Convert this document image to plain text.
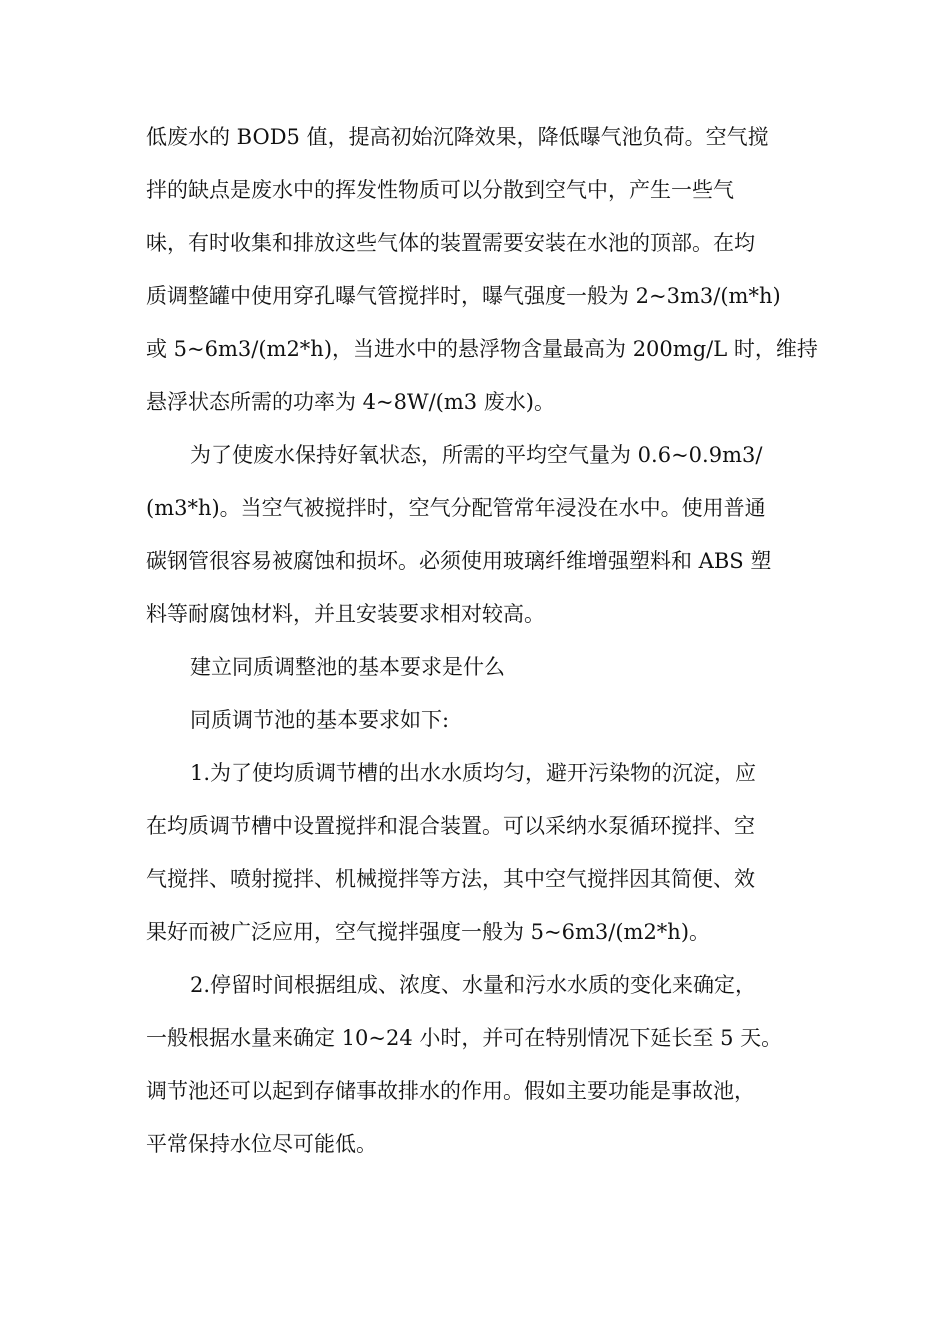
低废水的 BOD5 值，提高初始沉降效果，降低曝气池负荷。空气搅
拌的缺点是废水中的挥发性物质可以分散到空气中，产生一些气
味，有时收集和排放这些气体的装置需要安装在水池的顶部。在均
质调整罐中使用穿孔曝气管搅拌时，曝气强度一般为 2~3m3/(m*h)
或 5~6m3/(m2*h)，当进水中的悬浮物含量最高为 200mg/L 时，维持
悬浮状态所需的功率为 4~8W/(m3 废水)。
为了使废水保持好氧状态，所需的平均空气量为 0.6~0.9m3/
(m3*h)。当空气被搅拌时，空气分配管常年浸没在水中。使用普通
碳钢管很容易被腐蚀和损坏。必须使用玻璃纤维增强塑料和 ABS 塑
料等耐腐蚀材料，并且安装要求相对较高。
建立同质调整池的基本要求是什么
同质调节池的基本要求如下:
1.为了使均质调节槽的出水水质均匀，避开污染物的沉淀，应
在均质调节槽中设置搅拌和混合装置。可以采纳水泵循环搅拌、空
气搅拌、喷射搅拌、机械搅拌等方法，其中空气搅拌因其简便、效
果好而被广泛应用，空气搅拌强度一般为 5~6m3/(m2*h)。
2.停留时间根据组成、浓度、水量和污水水质的变化来确定，
一般根据水量来确定 10~24 小时，并可在特别情况下延长至 5 天。
调节池还可以起到存储事故排水的作用。假如主要功能是事故池，
平常保持水位尽可能低。
